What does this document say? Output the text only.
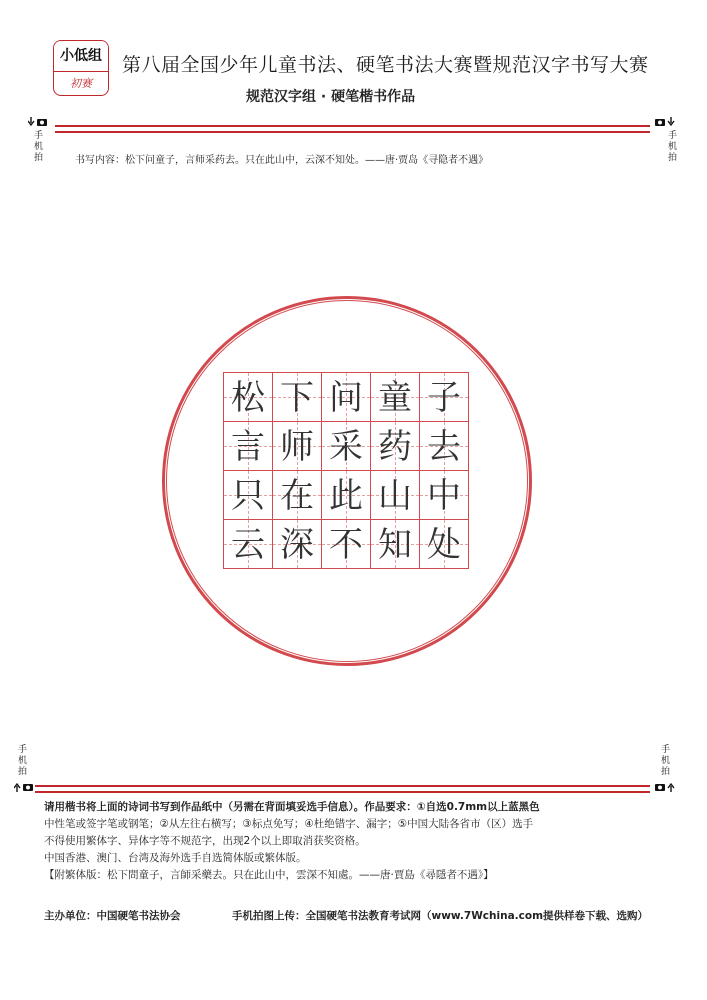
小低组
初赛
第八届全国少年儿童书法、硬笔书法大赛暨规范汉字书写大赛
规范汉字组 · 硬笔楷书作品
手
机
拍
手
机
拍
书写内容：松下问童子，言师采药去。只在此山中，云深不知处。——唐·贾岛《寻隐者不遇》
松 下 问 童 子
言 师 采 药 去
只 在 此 山 中
云 深 不 知 处
手
机
拍
手
机
拍

请用楷书将上面的诗词书写到作品纸中（另需在背面填妥选手信息）。作品要求：①自选0.7mm以上蓝黑色

中性笔或签字笔或钢笔；②从左往右横写；③标点免写；④杜绝错字、漏字；⑤中国大陆各省市（区）选手

不得使用繁体字、异体字等不规范字，出现2个以上即取消获奖资格。

中国香港、澳门、台湾及海外选手自选简体版或繁体版。

【附繁体版：松下問童子，言師采藥去。只在此山中，雲深不知處。——唐·賈島《尋隱者不遇》】

主办单位：中国硬笔书法协会	手机拍图上传：全国硬笔书法教育考试网（www.7Wchina.com提供样卷下载、选购）
